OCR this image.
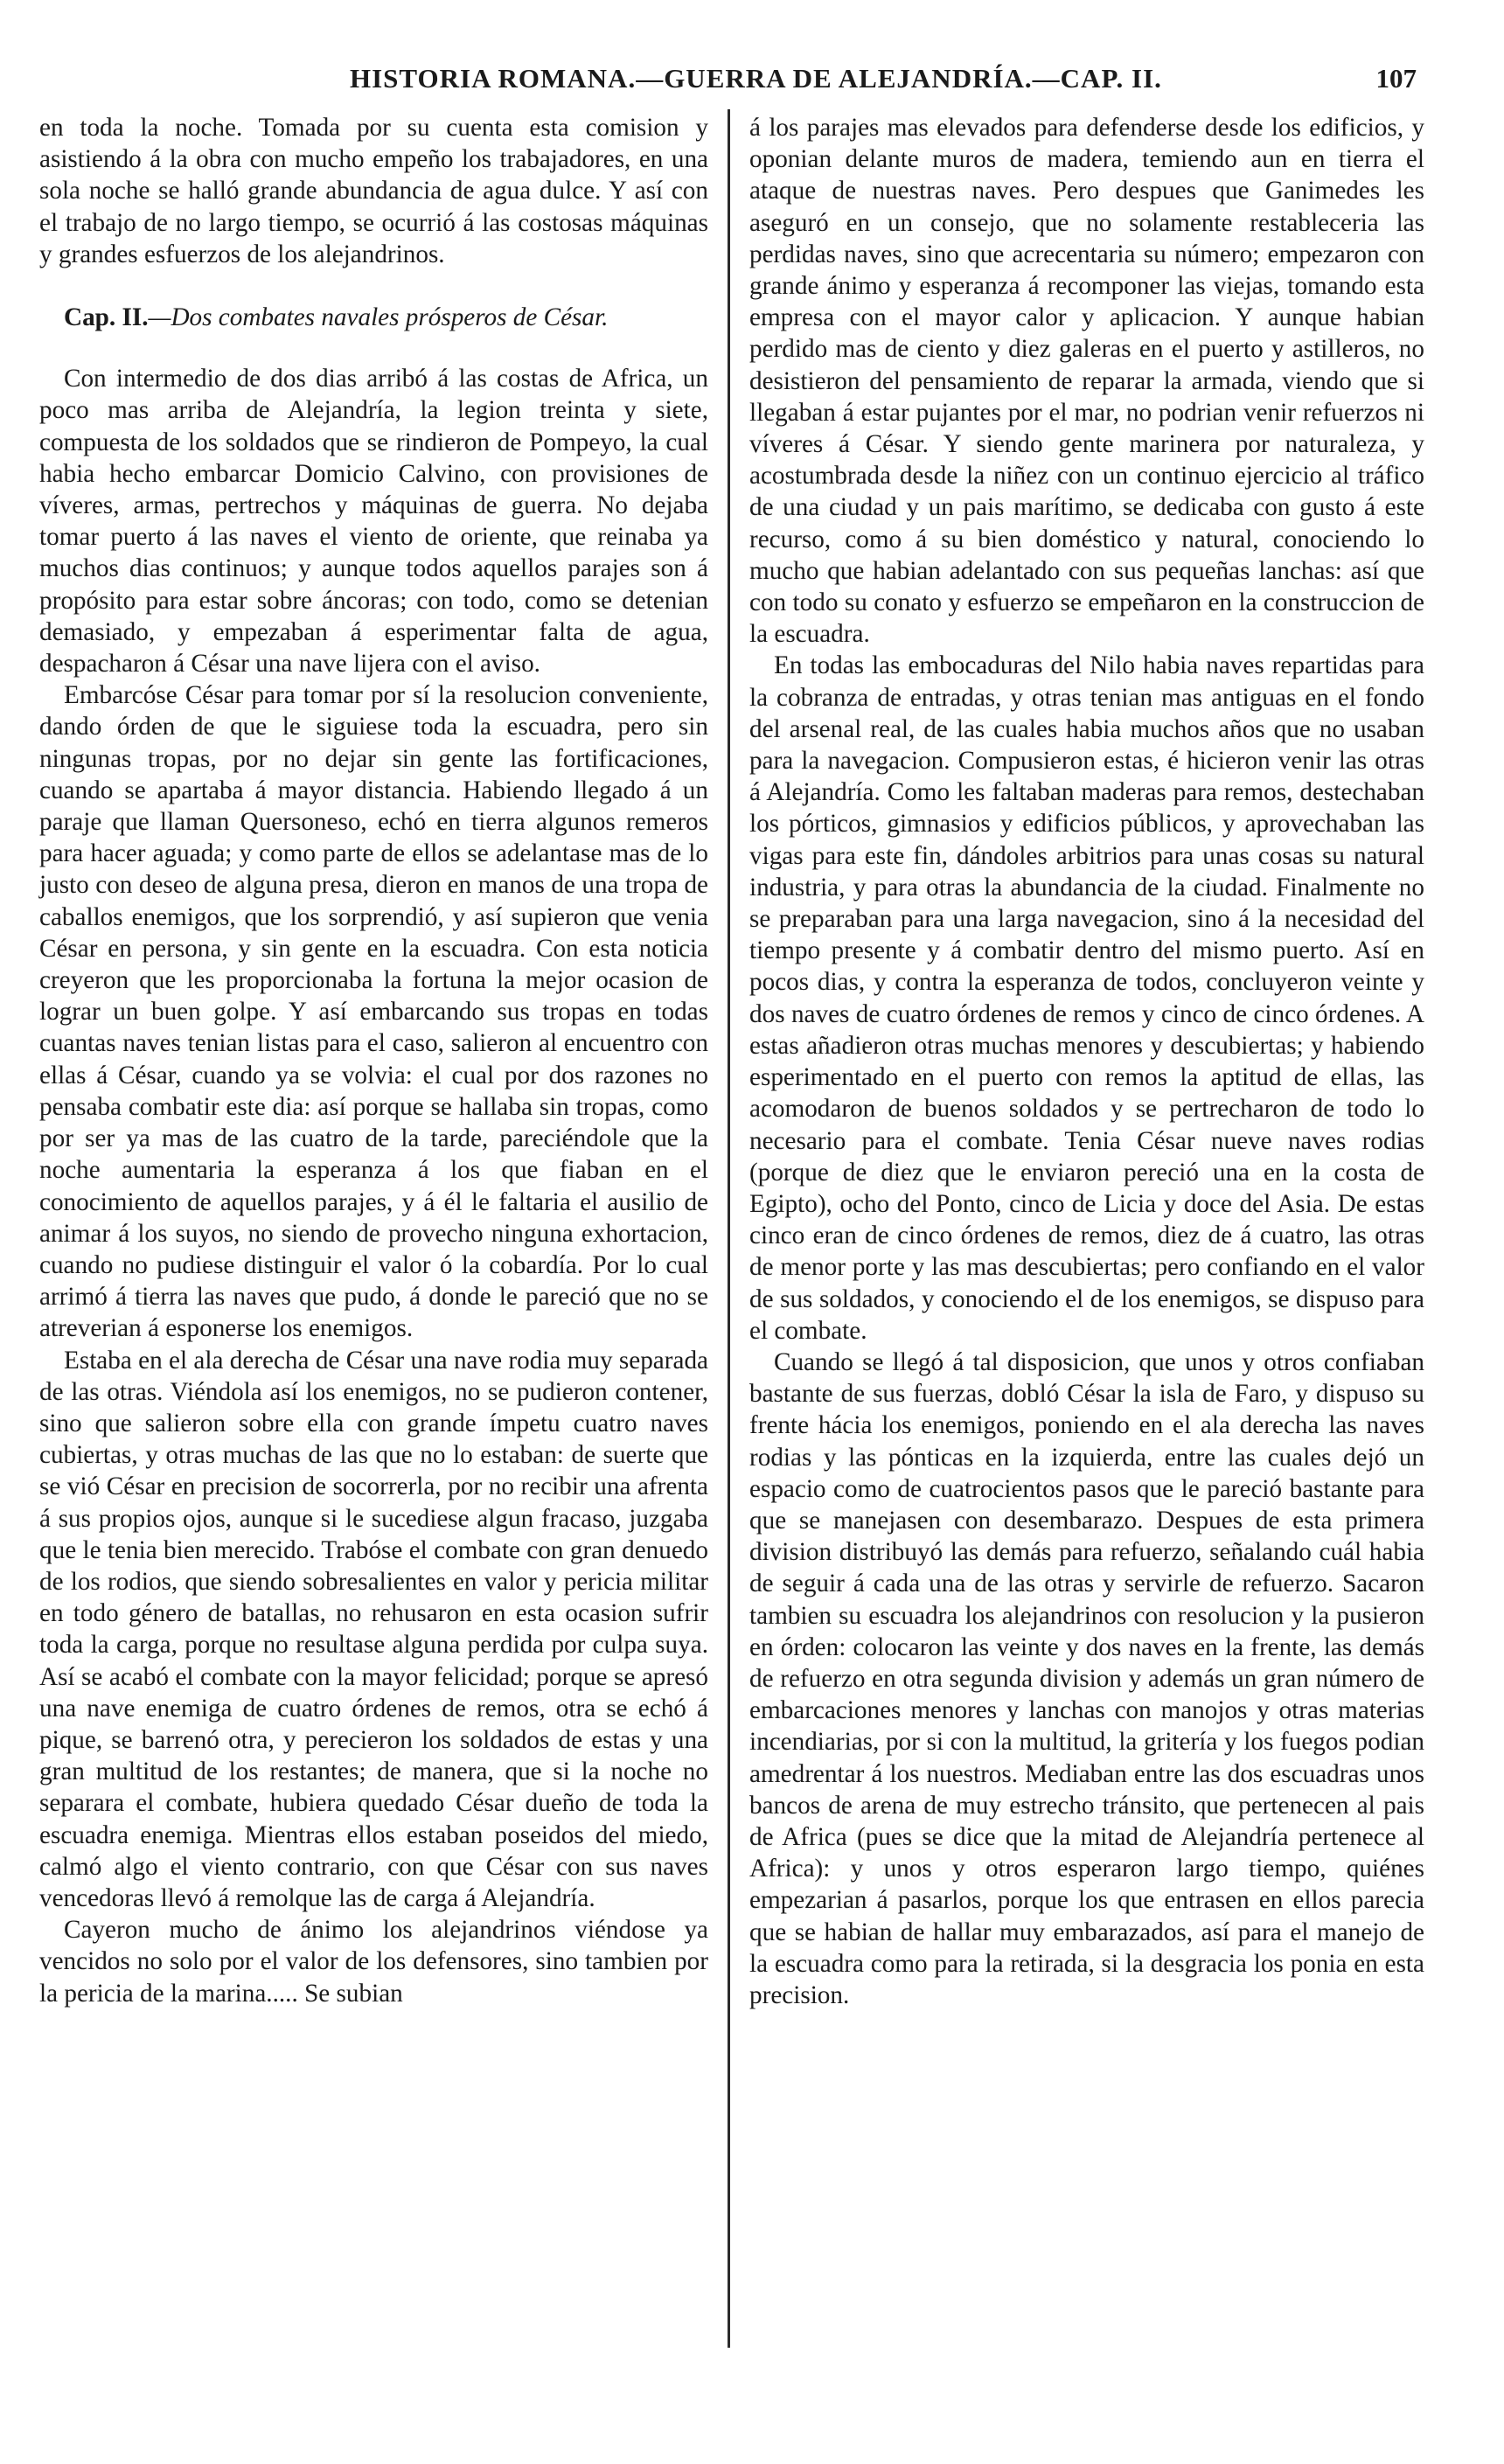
HISTORIA ROMANA.—GUERRA DE ALEJANDRÍA.—CAP. II.	107

en toda la noche. Tomada por su cuenta esta comision y asistiendo á la obra con mucho empeño los trabajadores, en una sola noche se halló grande abundancia de agua dulce. Y así con el trabajo de no largo tiempo, se ocurrió á las costosas máquinas y grandes esfuerzos de los alejandrinos.

Cap. II.—Dos combates navales prósperos de César.

Con intermedio de dos dias arribó á las costas de Africa, un poco mas arriba de Alejandría, la legion treinta y siete, compuesta de los soldados que se rindieron de Pompeyo, la cual habia hecho embarcar Domicio Calvino, con provisiones de víveres, armas, pertrechos y máquinas de guerra. No dejaba tomar puerto á las naves el viento de oriente, que reinaba ya muchos dias continuos; y aunque todos aquellos parajes son á propósito para estar sobre áncoras; con todo, como se detenian demasiado, y empezaban á esperimentar falta de agua, despacharon á César una nave lijera con el aviso.

Embarcóse César para tomar por sí la resolucion conveniente, dando órden de que le siguiese toda la escuadra, pero sin ningunas tropas, por no dejar sin gente las fortificaciones, cuando se apartaba á mayor distancia. Habiendo llegado á un paraje que llaman Quersoneso, echó en tierra algunos remeros para hacer aguada; y como parte de ellos se adelantase mas de lo justo con deseo de alguna presa, dieron en manos de una tropa de caballos enemigos, que los sorprendió, y así supieron que venia César en persona, y sin gente en la escuadra. Con esta noticia creyeron que les proporcionaba la fortuna la mejor ocasion de lograr un buen golpe. Y así embarcando sus tropas en todas cuantas naves tenian listas para el caso, salieron al encuentro con ellas á César, cuando ya se volvia: el cual por dos razones no pensaba combatir este dia: así porque se hallaba sin tropas, como por ser ya mas de las cuatro de la tarde, pareciéndole que la noche aumentaria la esperanza á los que fiaban en el conocimiento de aquellos parajes, y á él le faltaria el ausilio de animar á los suyos, no siendo de provecho ninguna exhortacion, cuando no pudiese distinguir el valor ó la cobardía. Por lo cual arrimó á tierra las naves que pudo, á donde le pareció que no se atreverian á esponerse los enemigos.

Estaba en el ala derecha de César una nave rodia muy separada de las otras. Viéndola así los enemigos, no se pudieron contener, sino que salieron sobre ella con grande ímpetu cuatro naves cubiertas, y otras muchas de las que no lo estaban: de suerte que se vió César en precision de socorrerla, por no recibir una afrenta á sus propios ojos, aunque si le sucediese algun fracaso, juzgaba que le tenia bien merecido. Trabóse el combate con gran denuedo de los rodios, que siendo sobresalientes en valor y pericia militar en todo género de batallas, no rehusaron en esta ocasion sufrir toda la carga, porque no resultase alguna perdida por culpa suya. Así se acabó el combate con la mayor felicidad; porque se apresó una nave enemiga de cuatro órdenes de remos, otra se echó á pique, se barrenó otra, y perecieron los soldados de estas y una gran multitud de los restantes; de manera, que si la noche no separara el combate, hubiera quedado César dueño de toda la escuadra enemiga. Mientras ellos estaban poseidos del miedo, calmó algo el viento contrario, con que César con sus naves vencedoras llevó á remolque las de carga á Alejandría.

Cayeron mucho de ánimo los alejandrinos viéndose ya vencidos no solo por el valor de los defensores, sino tambien por la pericia de la marina..... Se subian

á los parajes mas elevados para defenderse desde los edificios, y oponian delante muros de madera, temiendo aun en tierra el ataque de nuestras naves. Pero despues que Ganimedes les aseguró en un consejo, que no solamente restableceria las perdidas naves, sino que acrecentaria su número; empezaron con grande ánimo y esperanza á recomponer las viejas, tomando esta empresa con el mayor calor y aplicacion. Y aunque habian perdido mas de ciento y diez galeras en el puerto y astilleros, no desistieron del pensamiento de reparar la armada, viendo que si llegaban á estar pujantes por el mar, no podrian venir refuerzos ni víveres á César. Y siendo gente marinera por naturaleza, y acostumbrada desde la niñez con un continuo ejercicio al tráfico de una ciudad y un pais marítimo, se dedicaba con gusto á este recurso, como á su bien doméstico y natural, conociendo lo mucho que habian adelantado con sus pequeñas lanchas: así que con todo su conato y esfuerzo se empeñaron en la construccion de la escuadra.

En todas las embocaduras del Nilo habia naves repartidas para la cobranza de entradas, y otras tenian mas antiguas en el fondo del arsenal real, de las cuales habia muchos años que no usaban para la navegacion. Compusieron estas, é hicieron venir las otras á Alejandría. Como les faltaban maderas para remos, destechaban los pórticos, gimnasios y edificios públicos, y aprovechaban las vigas para este fin, dándoles arbitrios para unas cosas su natural industria, y para otras la abundancia de la ciudad. Finalmente no se preparaban para una larga navegacion, sino á la necesidad del tiempo presente y á combatir dentro del mismo puerto. Así en pocos dias, y contra la esperanza de todos, concluyeron veinte y dos naves de cuatro órdenes de remos y cinco de cinco órdenes. A estas añadieron otras muchas menores y descubiertas; y habiendo esperimentado en el puerto con remos la aptitud de ellas, las acomodaron de buenos soldados y se pertrecharon de todo lo necesario para el combate. Tenia César nueve naves rodias (porque de diez que le enviaron pereció una en la costa de Egipto), ocho del Ponto, cinco de Licia y doce del Asia. De estas cinco eran de cinco órdenes de remos, diez de á cuatro, las otras de menor porte y las mas descubiertas; pero confiando en el valor de sus soldados, y conociendo el de los enemigos, se dispuso para el combate.

Cuando se llegó á tal disposicion, que unos y otros confiaban bastante de sus fuerzas, dobló César la isla de Faro, y dispuso su frente hácia los enemigos, poniendo en el ala derecha las naves rodias y las pónticas en la izquierda, entre las cuales dejó un espacio como de cuatrocientos pasos que le pareció bastante para que se manejasen con desembarazo. Despues de esta primera division distribuyó las demás para refuerzo, señalando cuál habia de seguir á cada una de las otras y servirle de refuerzo. Sacaron tambien su escuadra los alejandrinos con resolucion y la pusieron en órden: colocaron las veinte y dos naves en la frente, las demás de refuerzo en otra segunda division y además un gran número de embarcaciones menores y lanchas con manojos y otras materias incendiarias, por si con la multitud, la gritería y los fuegos podian amedrentar á los nuestros. Mediaban entre las dos escuadras unos bancos de arena de muy estrecho tránsito, que pertenecen al pais de Africa (pues se dice que la mitad de Alejandría pertenece al Africa): y unos y otros esperaron largo tiempo, quiénes empezarian á pasarlos, porque los que entrasen en ellos parecia que se habian de hallar muy embarazados, así para el manejo de la escuadra como para la retirada, si la desgracia los ponia en esta precision.
